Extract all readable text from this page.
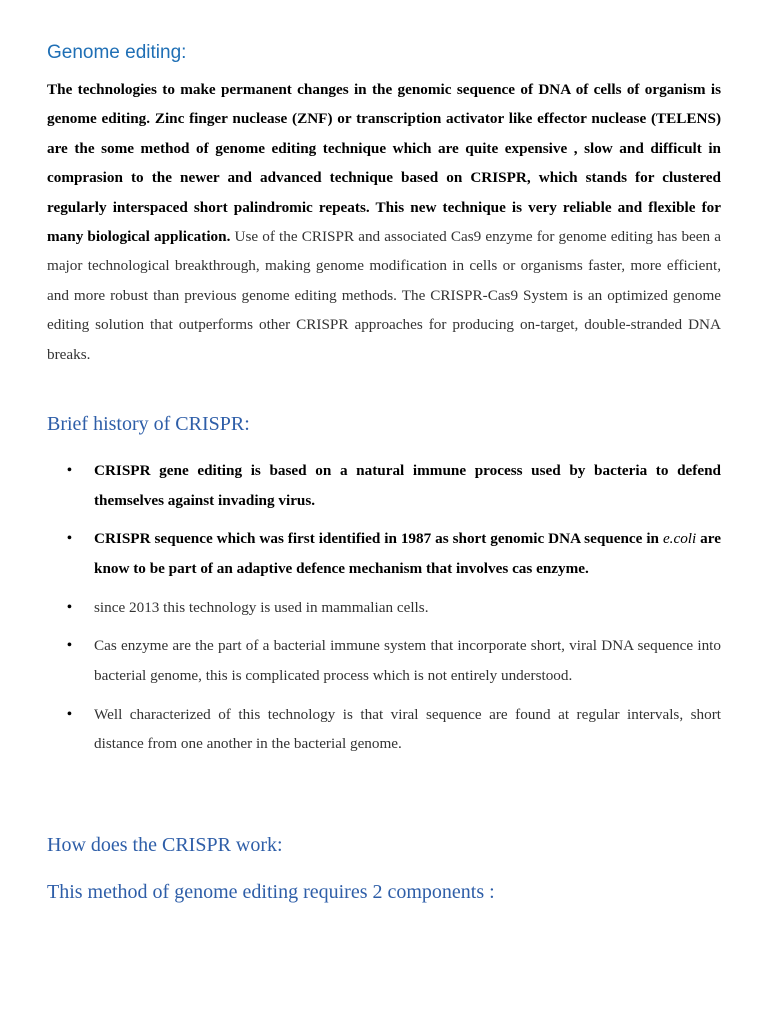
Genome editing:

The technologies to make permanent changes in the genomic sequence of DNA of cells of organism is genome editing. Zinc finger nuclease (ZNF) or transcription activator like effector nuclease (TELENS) are the some method of genome editing technique which are quite expensive , slow and difficult in comprasion to the newer and advanced technique based on CRISPR, which stands for clustered regularly interspaced short palindromic repeats. This new technique is very reliable and flexible for many biological application. Use of the CRISPR and associated Cas9 enzyme for genome editing has been a major technological breakthrough, making genome modification in cells or organisms faster, more efficient, and more robust than previous genome editing methods. The CRISPR-Cas9 System is an optimized genome editing solution that outperforms other CRISPR approaches for producing on-target, double-stranded DNA breaks.

Brief history of CRISPR:
• CRISPR gene editing is based on a natural immune process used by bacteria to defend themselves against invading virus.
• CRISPR sequence which was first identified in 1987 as short genomic DNA sequence in e.coli are know to be part of an adaptive defence mechanism that involves cas enzyme.
• since 2013 this technology is used in mammalian cells.
• Cas enzyme are the part of a bacterial immune system that incorporate short, viral DNA sequence into bacterial genome, this is complicated process which is not entirely understood.
• Well characterized of this technology is that viral sequence are found at regular intervals, short distance from one another in the bacterial genome.
How does the CRISPR work:
This method of genome editing requires 2 components :
